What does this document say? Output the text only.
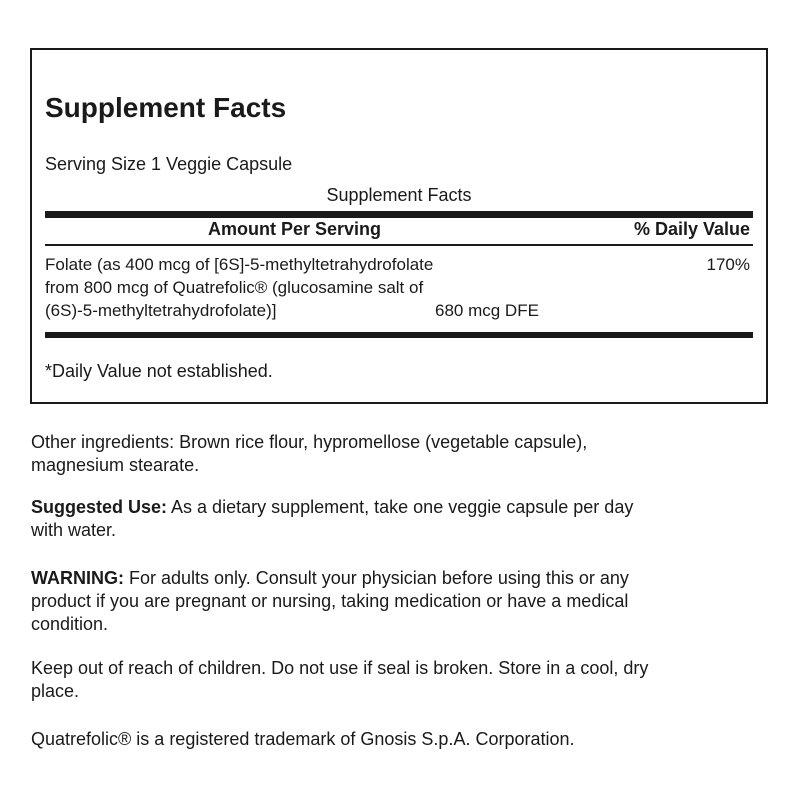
Supplement Facts
Serving Size 1 Veggie Capsule
Supplement Facts
Amount Per Serving	% Daily Value
Folate (as 400 mcg of [6S]-5-methyltetrahydrofolate
from 800 mcg of Quatrefolic® (glucosamine salt of
(6S)-5-methyltetrahydrofolate)]	680 mcg DFE
170%
*Daily Value not established.

Other ingredients: Brown rice flour, hypromellose (vegetable capsule),
magnesium stearate.

Suggested Use: As a dietary supplement, take one veggie capsule per day
with water.

WARNING: For adults only. Consult your physician before using this or any
product if you are pregnant or nursing, taking medication or have a medical
condition.

Keep out of reach of children. Do not use if seal is broken. Store in a cool, dry
place.

Quatrefolic® is a registered trademark of Gnosis S.p.A. Corporation.
